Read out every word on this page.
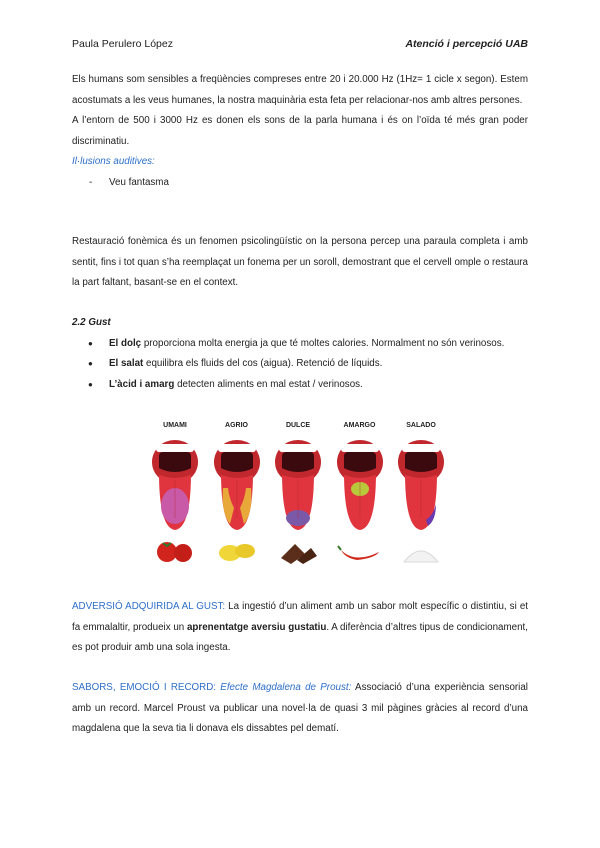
Paula Perulero López	Atenció i percepció UAB

Els humans som sensibles a freqüències compreses entre 20 i 20.000 Hz (1Hz= 1 cicle x segon). Estem acostumats a les veus humanes, la nostra maquinària esta feta per relacionar-nos amb altres persones.

A l’entorn de 500 i 3000 Hz es donen els sons de la parla humana i és on l’oïda té més gran poder discriminatiu.

Il·lusions auditives:

- Veu fantasma

Restauració fonèmica és un fenomen psicolingüístic on la persona percep una paraula completa i amb sentit, fins i tot quan s’ha reemplaçat un fonema per un soroll, demostrant que el cervell omple o restaura la part faltant, basant-se en el context.

2.2 Gust

● El dolç proporciona molta energia ja que té moltes calories. Normalment no són verinosos.
● El salat equilibra els fluids del cos (aigua). Retenció de líquids.
● L’àcid i amarg detecten aliments en mal estat / verinosos.
UMAMI	AGRIO	DULCE	AMARGO	SALADO

ADVERSIÓ ADQUIRIDA AL GUST: La ingestió d’un aliment amb un sabor molt específic o distintiu, si et fa emmalaltir, produeix un aprenentatge aversiu gustatiu. A diferència d’altres tipus de condicionament, es pot produir amb una sola ingesta.

SABORS, EMOCIÓ I RECORD: Efecte Magdalena de Proust: Associació d’una experiència sensorial amb un record. Marcel Proust va publicar una novel·la de quasi 3 mil pàgines gràcies al record d’una magdalena que la seva tia li donava els dissabtes pel dematí.
